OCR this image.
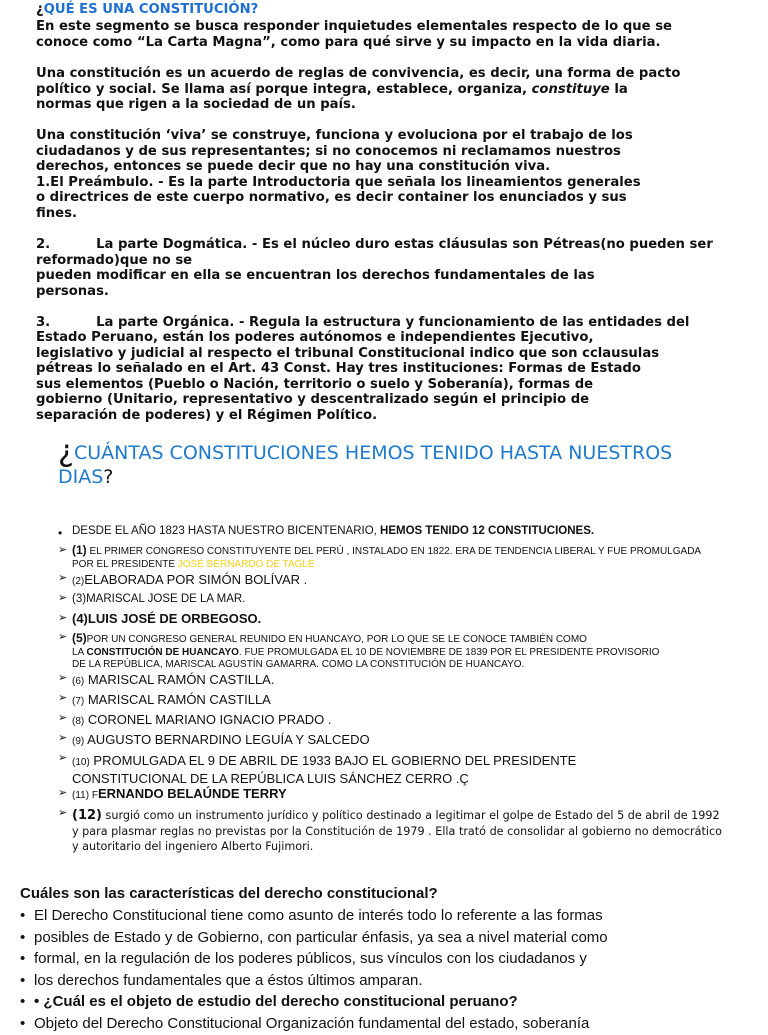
¿QUÉ ES UNA CONSTITUCIÓN?
En este segmento se busca responder inquietudes elementales respecto de lo que se
conoce como “La Carta Magna”, como para qué sirve y su impacto en la vida diaria.
Una constitución es un acuerdo de reglas de convivencia, es decir, una forma de pacto
político y social. Se llama así porque integra, establece, organiza, constituye la
normas que rigen a la sociedad de un país.
Una constitución ‘viva’ se construye, funciona y evoluciona por el trabajo de los
ciudadanos y de sus representantes; si no conocemos ni reclamamos nuestros
derechos, entonces se puede decir que no hay una constitución viva.
1.El Preámbulo. - Es la parte Introductoria que señala los lineamientos generales
o directrices de este cuerpo normativo, es decir container los enunciados y sus
fines.
2.          La parte Dogmática. - Es el núcleo duro estas cláusulas son Pétreas(no pueden ser
reformado)que no se
pueden modificar en ella se encuentran los derechos fundamentales de las
personas.
3.          La parte Orgánica. - Regula la estructura y funcionamiento de las entidades del
Estado Peruano, están los poderes autónomos e independientes Ejecutivo,
legislativo y judicial al respecto el tribunal Constitucional indico que son cclausulas
pétreas lo señalado en el Art. 43 Const. Hay tres instituciones: Formas de Estado
sus elementos (Pueblo o Nación, territorio o suelo y Soberanía), formas de
gobierno (Unitario, representativo y descentralizado según el principio de
separación de poderes) y el Régimen Político.
¿CUÁNTAS CONSTITUCIONES HEMOS TENIDO HASTA NUESTROS
DIAS?
• DESDE EL AÑO 1823 HASTA NUESTRO BICENTENARIO, HEMOS TENIDO 12 CONSTITUCIONES.
➢ (1) EL PRIMER CONGRESO CONSTITUYENTE DEL PERÚ , INSTALADO EN 1822. ERA DE TENDENCIA LIBERAL Y FUE PROMULGADA
POR EL PRESIDENTE JOSÉ BERNARDO DE TAGLE
➢ (2)ELABORADA POR SIMÓN BOLÍVAR .
➢ (3)MARISCAL JOSE DE LA MAR.
➢ (4)LUIS JOSÉ DE ORBEGOSO.
➢ (5)POR UN CONGRESO GENERAL REUNIDO EN HUANCAYO, POR LO QUE SE LE CONOCE TAMBIÉN COMO
LA CONSTITUCIÓN DE HUANCAYO. FUE PROMULGADA EL 10 DE NOVIEMBRE DE 1839 POR EL PRESIDENTE PROVISORIO
DE LA REPÚBLICA, MARISCAL AGUSTÍN GAMARRA. COMO LA CONSTITUCIÓN DE HUANCAYO.
➢ (6) MARISCAL RAMÓN CASTILLA.
➢ (7) MARISCAL RAMÓN CASTILLA
➢ (8) CORONEL MARIANO IGNACIO PRADO .
➢ (9) AUGUSTO BERNARDINO LEGUÍA Y SALCEDO
➢ (10) PROMULGADA EL 9 DE ABRIL DE 1933 BAJO EL GOBIERNO DEL PRESIDENTE
CONSTITUCIONAL DE LA REPÚBLICA LUIS SÁNCHEZ CERRO .Ç
➢ (11) FERNANDO BELAÚNDE TERRY
➢ (12) surgió como un instrumento jurídico y político destinado a legitimar el golpe de Estado del 5 de abril de 1992
y para plasmar reglas no previstas por la Constitución de 1979 . Ella trató de consolidar al gobierno no democrático
y autoritario del ingeniero Alberto Fujimori.
Cuáles son las características del derecho constitucional?
• El Derecho Constitucional tiene como asunto de interés todo lo referente a las formas
• posibles de Estado y de Gobierno, con particular énfasis, ya sea a nivel material como
• formal, en la regulación de los poderes públicos, sus vínculos con los ciudadanos y
• los derechos fundamentales que a éstos últimos amparan.
• • ¿Cuál es el objeto de estudio del derecho constitucional peruano?
• Objeto del Derecho Constitucional Organización fundamental del estado, soberanía
